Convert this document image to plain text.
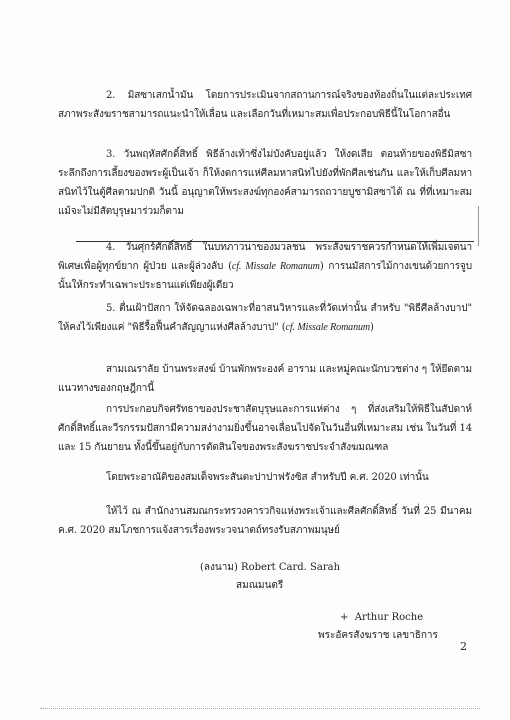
2. มิสซาเสกน้ำมัน โดยการประเมินจากสถานการณ์จริงของท้องถิ่นในแต่ละประเทศ สภาพระสังฆราชสามารถแนะนำให้เลื่อน และเลือกวันที่เหมาะสมเพื่อประกอบพิธีนี้ในโอกาสอื่น

3. วันพฤหัสศักดิ์สิทธิ์ พิธีล้างเท้าซึ่งไม่บังคับอยู่แล้ว ให้งดเสีย ตอนท้ายของพิธีมิสซาระลึกถึงการเลี้ยงของพระผู้เป็นเจ้า ก็ให้งดการแห่ศีลมหาสนิทไปยังที่พักศีลเช่นกัน และให้เก็บศีลมหาสนิทไว้ในตู้ศีลตามปกติ วันนี้ อนุญาตให้พระสงฆ์ทุกองค์สามารถถวายบูชามิสซาได้ ณ ที่ที่เหมาะสม แม้จะไม่มีสัตบุรุษมาร่วมก็ตาม

4. วันศุกร์ศักดิ์สิทธิ์ ในบทภาวนาของมวลชน พระสังฆราชควรกำหนดให้เพิ่มเจตนาพิเศษเพื่อผู้ทุกข์ยาก ผู้ป่วย และผู้ล่วงลับ (cf. Missale Romanum) การนมัสการไม้กางเขนด้วยการจูบนั้นให้กระทำเฉพาะประธานแต่เพียงผู้เดียว

5. ตื่นเฝ้าปัสกา ให้จัดฉลองเฉพาะที่อาสนวิหารและที่วัดเท่านั้น สำหรับ "พิธีศีลล้างบาป" ให้คงไว้เพียงแค่ "พิธีรื้อฟื้นคำสัญญาแห่งศีลล้างบาป" (cf. Missale Romanum)

สามเณราลัย บ้านพระสงฆ์ บ้านพักพระองค์ อาราม และหมู่คณะนักบวชต่าง ๆ ให้ยึดตามแนวทางของกฤษฎีกานี้

การประกอบกิจศรัทธาของประชาสัตบุรุษและการแห่ต่าง ๆ ที่ส่งเสริมให้พิธีในสัปดาห์ศักดิ์สิทธิ์และวีรกรรมปัสกามีความสง่างามยิ่งขึ้นอาจเลื่อนไปจัดในวันอื่นที่เหมาะสม เช่น ในวันที่ 14 และ 15 กันยายน ทั้งนี้ขึ้นอยู่กับการตัดสินใจของพระสังฆราชประจำสังฆมณฑล

โดยพระอาณัติของสมเด็จพระสันตะปาปาฟรังซิส สำหรับปี ค.ศ. 2020 เท่านั้น

ให้ไว้ ณ สำนักงานสมณกระทรวงคารวกิจแห่งพระเจ้าและศีลศักดิ์สิทธิ์ วันที่ 25 มีนาคม ค.ศ. 2020 สมโภชการแจ้งสารเรื่องพระวจนาตถ์ทรงรับสภาพมนุษย์

(ลงนาม) Robert Card. Sarah
สมณมนตรี
+ Arthur Roche
พระอัครสังฆราช เลขาธิการ
2
